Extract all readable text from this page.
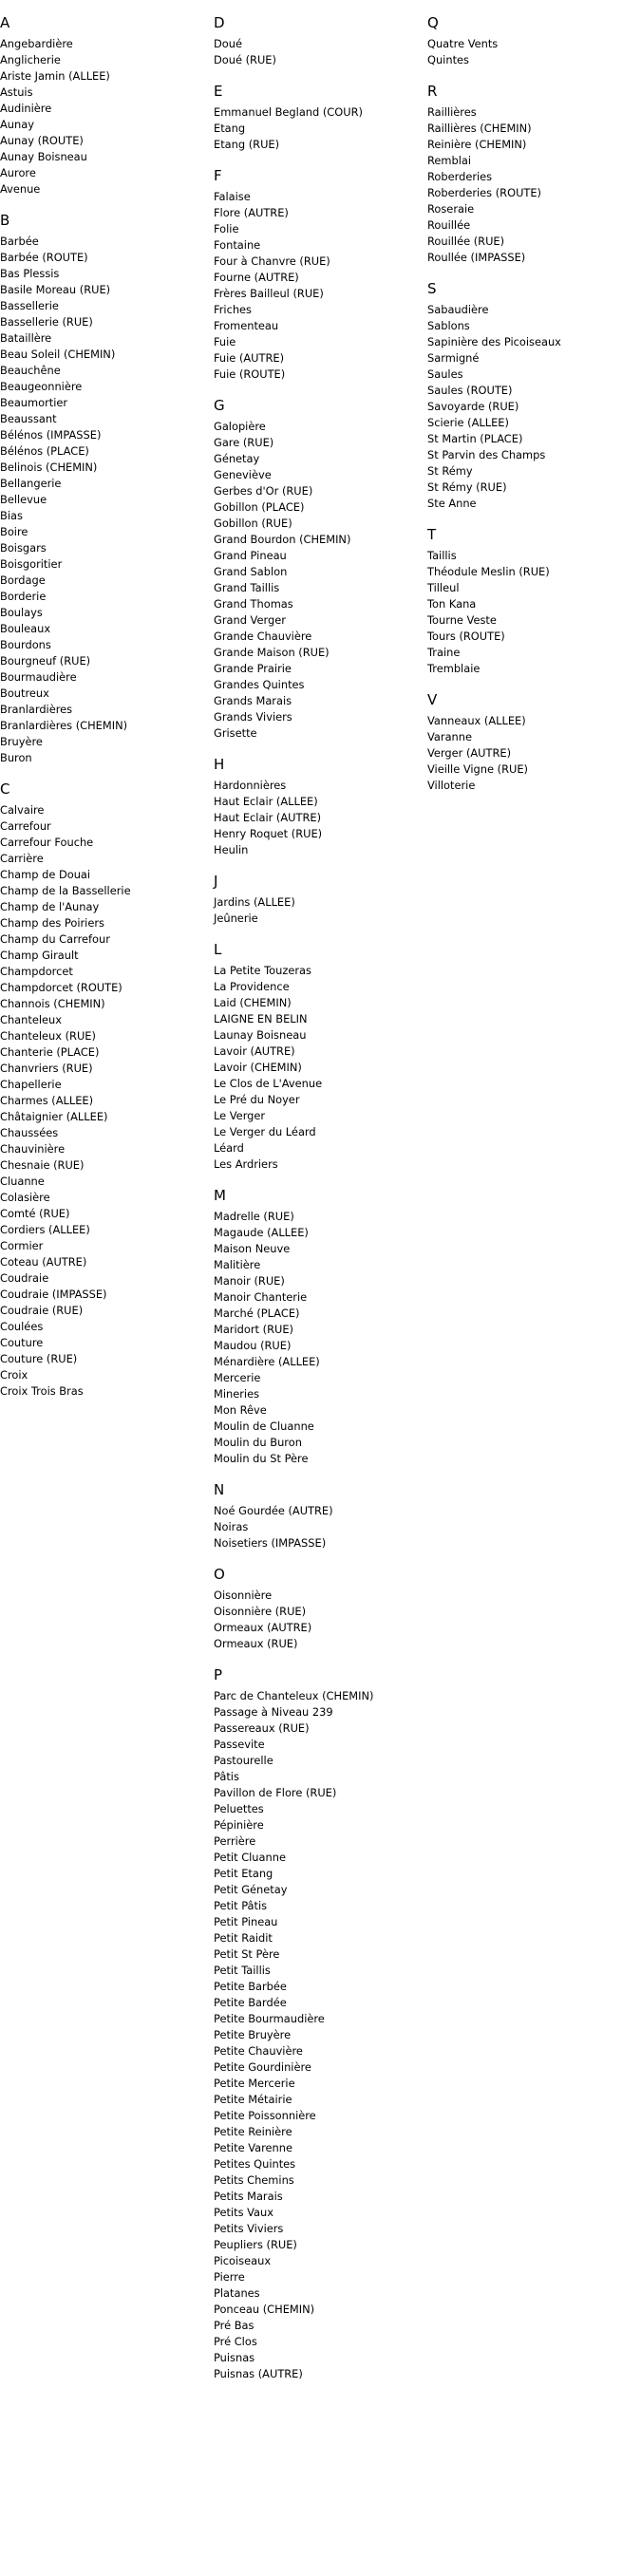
A
Angebardière
Anglicherie
Ariste Jamin (ALLEE)
Astuis
Audinière
Aunay
Aunay (ROUTE)
Aunay Boisneau
Aurore
Avenue
B
Barbée
Barbée (ROUTE)
Bas Plessis
Basile Moreau (RUE)
Bassellerie
Bassellerie (RUE)
Bataillère
Beau Soleil (CHEMIN)
Beauchêne
Beaugeonnière
Beaumortier
Beaussant
Bélénos (IMPASSE)
Bélénos (PLACE)
Belinois (CHEMIN)
Bellangerie
Bellevue
Bias
Boire
Boisgars
Boisgoritier
Bordage
Borderie
Boulays
Bouleaux
Bourdons
Bourgneuf (RUE)
Bourmaudière
Boutreux
Branlardières
Branlardières (CHEMIN)
Bruyère
Buron
C
Calvaire
Carrefour
Carrefour Fouche
Carrière
Champ de Douai
Champ de la Bassellerie
Champ de l'Aunay
Champ des Poiriers
Champ du Carrefour
Champ Girault
Champdorcet
Champdorcet (ROUTE)
Channois (CHEMIN)
Chanteleux
Chanteleux (RUE)
Chanterie (PLACE)
Chanvriers (RUE)
Chapellerie
Charmes (ALLEE)
Châtaignier (ALLEE)
Chaussées
Chauvinière
Chesnaie (RUE)
Cluanne
Colasière
Comté (RUE)
Cordiers (ALLEE)
Cormier
Coteau (AUTRE)
Coudraie
Coudraie (IMPASSE)
Coudraie (RUE)
Coulées
Couture
Couture (RUE)
Croix
Croix Trois Bras
D
Doué
Doué (RUE)
E
Emmanuel Begland (COUR)
Etang
Etang (RUE)
F
Falaise
Flore (AUTRE)
Folie
Fontaine
Four à Chanvre (RUE)
Fourne (AUTRE)
Frères Bailleul (RUE)
Friches
Fromenteau
Fuie
Fuie (AUTRE)
Fuie (ROUTE)
G
Galopière
Gare (RUE)
Génetay
Geneviève
Gerbes d'Or (RUE)
Gobillon (PLACE)
Gobillon (RUE)
Grand Bourdon (CHEMIN)
Grand Pineau
Grand Sablon
Grand Taillis
Grand Thomas
Grand Verger
Grande Chauvière
Grande Maison (RUE)
Grande Prairie
Grandes Quintes
Grands Marais
Grands Viviers
Grisette
H
Hardonnières
Haut Eclair (ALLEE)
Haut Eclair (AUTRE)
Henry Roquet (RUE)
Heulin
J
Jardins (ALLEE)
Jeûnerie
L
La Petite Touzeras
La Providence
Laid (CHEMIN)
LAIGNE EN BELIN
Launay Boisneau
Lavoir (AUTRE)
Lavoir (CHEMIN)
Le Clos de L'Avenue
Le Pré du Noyer
Le Verger
Le Verger du Léard
Léard
Les Ardriers
M
Madrelle (RUE)
Magaude (ALLEE)
Maison Neuve
Malitière
Manoir (RUE)
Manoir Chanterie
Marché (PLACE)
Maridort (RUE)
Maudou (RUE)
Ménardière (ALLEE)
Mercerie
Mineries
Mon Rêve
Moulin de Cluanne
Moulin du Buron
Moulin du St Père
N
Noé Gourdée (AUTRE)
Noiras
Noisetiers (IMPASSE)
O
Oisonnière
Oisonnière (RUE)
Ormeaux (AUTRE)
Ormeaux (RUE)
P
Parc de Chanteleux (CHEMIN)
Passage à Niveau 239
Passereaux (RUE)
Passevite
Pastourelle
Pâtis
Pavillon de Flore (RUE)
Peluettes
Pépinière
Perrière
Petit Cluanne
Petit Etang
Petit Génetay
Petit Pâtis
Petit Pineau
Petit Raidit
Petit St Père
Petit Taillis
Petite Barbée
Petite Bardée
Petite Bourmaudière
Petite Bruyère
Petite Chauvière
Petite Gourdinière
Petite Mercerie
Petite Métairie
Petite Poissonnière
Petite Reinière
Petite Varenne
Petites Quintes
Petits Chemins
Petits Marais
Petits Vaux
Petits Viviers
Peupliers (RUE)
Picoiseaux
Pierre
Platanes
Ponceau (CHEMIN)
Pré Bas
Pré Clos
Puisnas
Puisnas (AUTRE)
Q
Quatre Vents
Quintes
R
Raillières
Raillières (CHEMIN)
Reinière (CHEMIN)
Remblai
Roberderies
Roberderies (ROUTE)
Roseraie
Rouillée
Rouillée (RUE)
Roullée (IMPASSE)
S
Sabaudière
Sablons
Sapinière des Picoiseaux
Sarmigné
Saules
Saules (ROUTE)
Savoyarde (RUE)
Scierie (ALLEE)
St Martin (PLACE)
St Parvin des Champs
St Rémy
St Rémy (RUE)
Ste Anne
T
Taillis
Théodule Meslin (RUE)
Tilleul
Ton Kana
Tourne Veste
Tours (ROUTE)
Traine
Tremblaie
V
Vanneaux (ALLEE)
Varanne
Verger (AUTRE)
Vieille Vigne (RUE)
Villoterie
